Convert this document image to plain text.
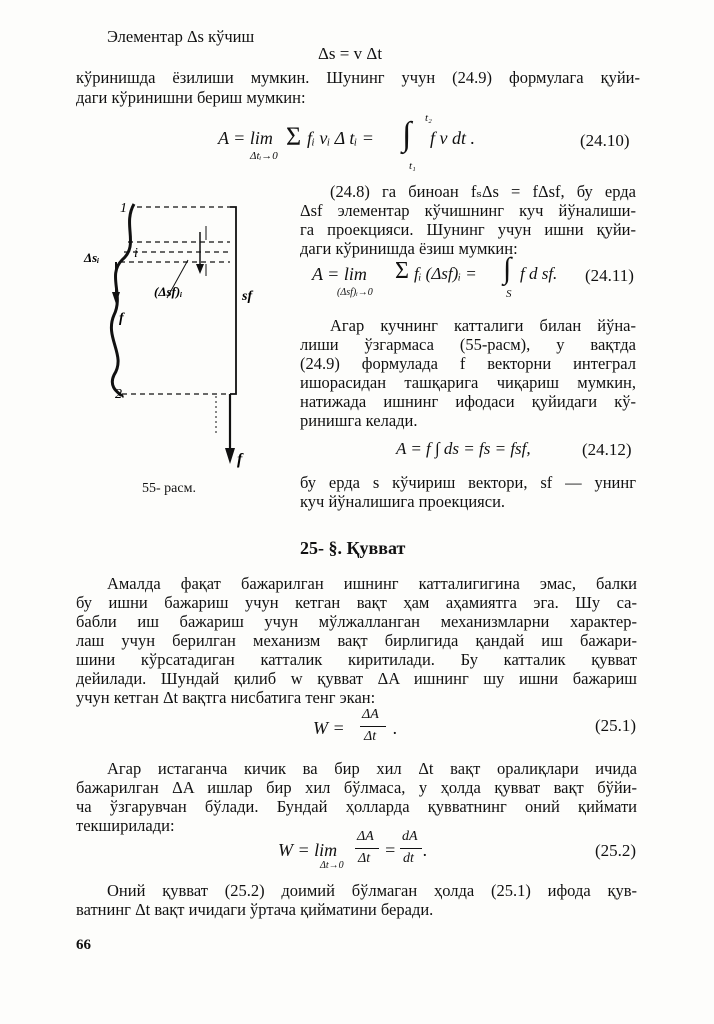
Элементар Δs кўчиш
Δs = v Δt
кўринишда ёзилиши мумкин. Шунинг учун (24.9) формулага қуйи-
даги кўринишни бериш мумкин:
A = lim
Δtᵢ→0
Σ fᵢ vᵢ Δ tᵢ =
t₂
∫
t₁
f v dt .	(24.10)
1
i
2
Δsᵢ
(Δsf)ᵢ	sf
f
f
55- расм.
(24.8) га биноан fₛΔs = fΔsf, бу ерда
Δsf элементар кўчишнинг куч йўналиши-
га проекцияси. Шунинг учун ишни қуйи-
даги кўринишда ёзиш мумкин:
A = lim
(Δsf)ᵢ→0
Σ fᵢ (Δsf)ᵢ = ∫
S
f d sf. (24.11)
Агар кучнинг катталиги билан йўна-
лиши ўзгармаса (55-расм), у вақтда
(24.9) формулада f векторни интеграл
ишорасидан ташқарига чиқариш мумкин,
натижада ишнинг ифодаси қуйидаги кў-
ринишга келади.
A = f ∫ ds = fs = fsf,	(24.12)
бу ерда s кўчириш вектори, sf — унинг
куч йўналишига проекцияси.
25- §. Қувват
Амалда фақат бажарилган ишнинг катталигигина эмас, балки
бу ишни бажариш учун кетган вақт ҳам аҳамиятга эга. Шу са-
бабли иш бажариш учун мўлжалланган механизмларни характер-
лаш учун берилган механизм вақт бирлигида қандай иш бажари-
шини кўрсатадиган катталик киритилади. Бу катталик қувват
дейилади. Шундай қилиб w қувват ΔA ишнинг шу ишни бажариш
учун кетган Δt вақтга нисбатига тенг экан:
W =
ΔA
Δt .	(25.1)
Агар истаганча кичик ва бир хил Δt вақт оралиқлари ичида
бажарилган ΔA ишлар бир хил бўлмаса, у ҳолда қувват вақт бўйи-
ча ўзгарувчан бўлади. Бундай ҳолларда қувватнинг оний қиймати
текширилади:
W = lim
Δt→0
ΔA
Δt =
dA
dt .	(25.2)
Оний қувват (25.2) доимий бўлмаган ҳолда (25.1) ифода қув-
ватнинг Δt вақт ичидаги ўртача қийматини беради.
66
